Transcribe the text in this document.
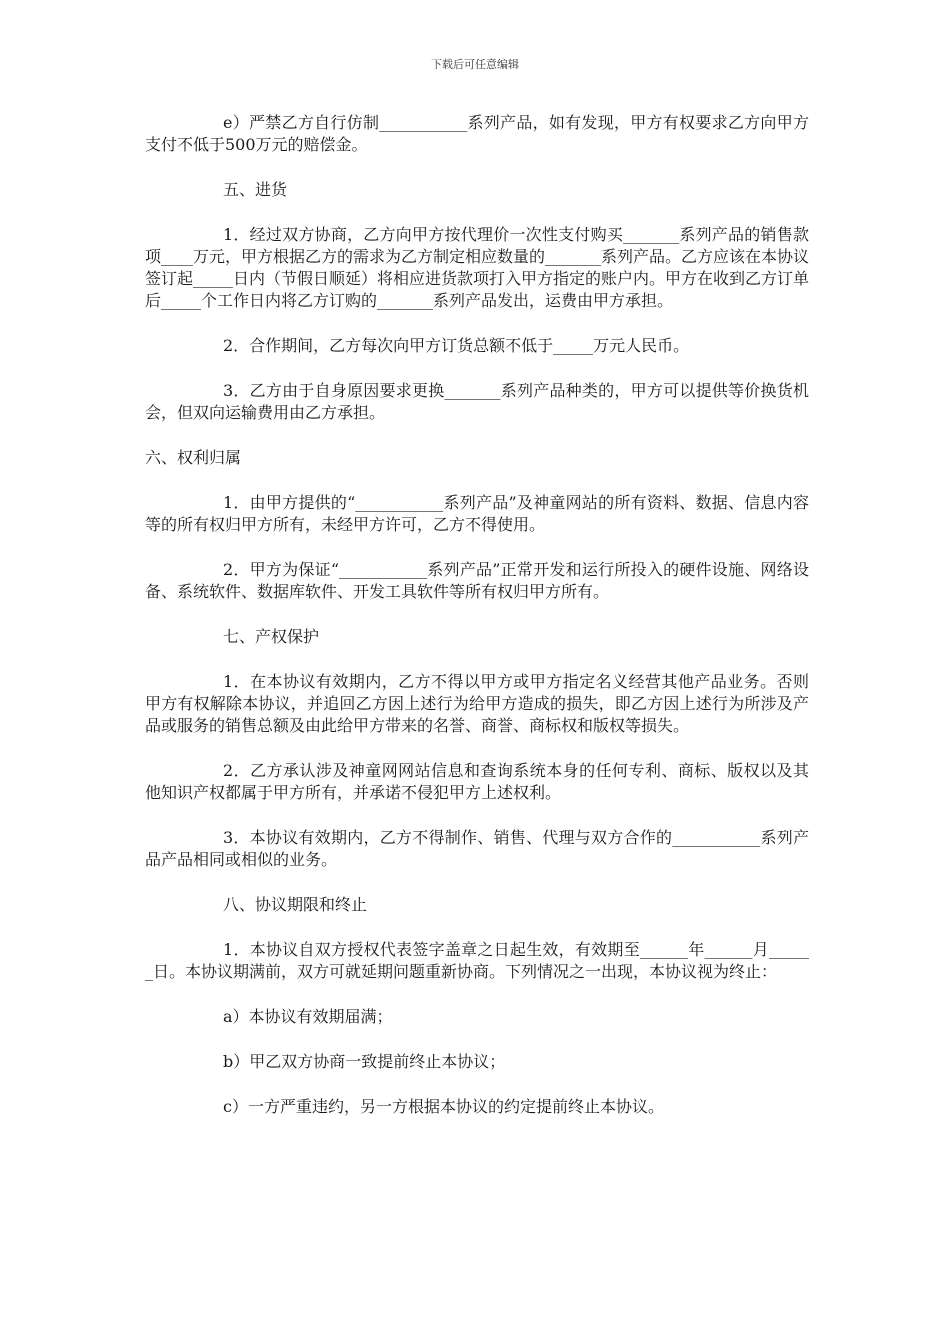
下载后可任意编辑

e）严禁乙方自行仿制___________系列产品，如有发现，甲方有权要求乙方向甲方支付不低于500万元的赔偿金。

五、进货

1．经过双方协商，乙方向甲方按代理价一次性支付购买_______系列产品的销售款项____万元，甲方根据乙方的需求为乙方制定相应数量的_______系列产品。乙方应该在本协议签订起_____日内（节假日顺延）将相应进货款项打入甲方指定的账户内。甲方在收到乙方订单后_____个工作日内将乙方订购的_______系列产品发出，运费由甲方承担。

2．合作期间，乙方每次向甲方订货总额不低于_____万元人民币。

3．乙方由于自身原因要求更换_______系列产品种类的，甲方可以提供等价换货机会，但双向运输费用由乙方承担。

六、权利归属

1．由甲方提供的“___________系列产品”及神童网站的所有资料、数据、信息内容等的所有权归甲方所有，未经甲方许可，乙方不得使用。

2．甲方为保证“___________系列产品”正常开发和运行所投入的硬件设施、网络设备、系统软件、数据库软件、开发工具软件等所有权归甲方所有。

七、产权保护

1．在本协议有效期内，乙方不得以甲方或甲方指定名义经营其他产品业务。否则甲方有权解除本协议，并追回乙方因上述行为给甲方造成的损失，即乙方因上述行为所涉及产品或服务的销售总额及由此给甲方带来的名誉、商誉、商标权和版权等损失。

2．乙方承认涉及神童网网站信息和查询系统本身的任何专利、商标、版权以及其他知识产权都属于甲方所有，并承诺不侵犯甲方上述权利。

3．本协议有效期内，乙方不得制作、销售、代理与双方合作的___________系列产品产品相同或相似的业务。

八、协议期限和终止

1．本协议自双方授权代表签字盖章之日起生效，有效期至______年______月______日。本协议期满前，双方可就延期问题重新协商。下列情况之一出现，本协议视为终止：

a）本协议有效期届满；

b）甲乙双方协商一致提前终止本协议；

c）一方严重违约，另一方根据本协议的约定提前终止本协议。
